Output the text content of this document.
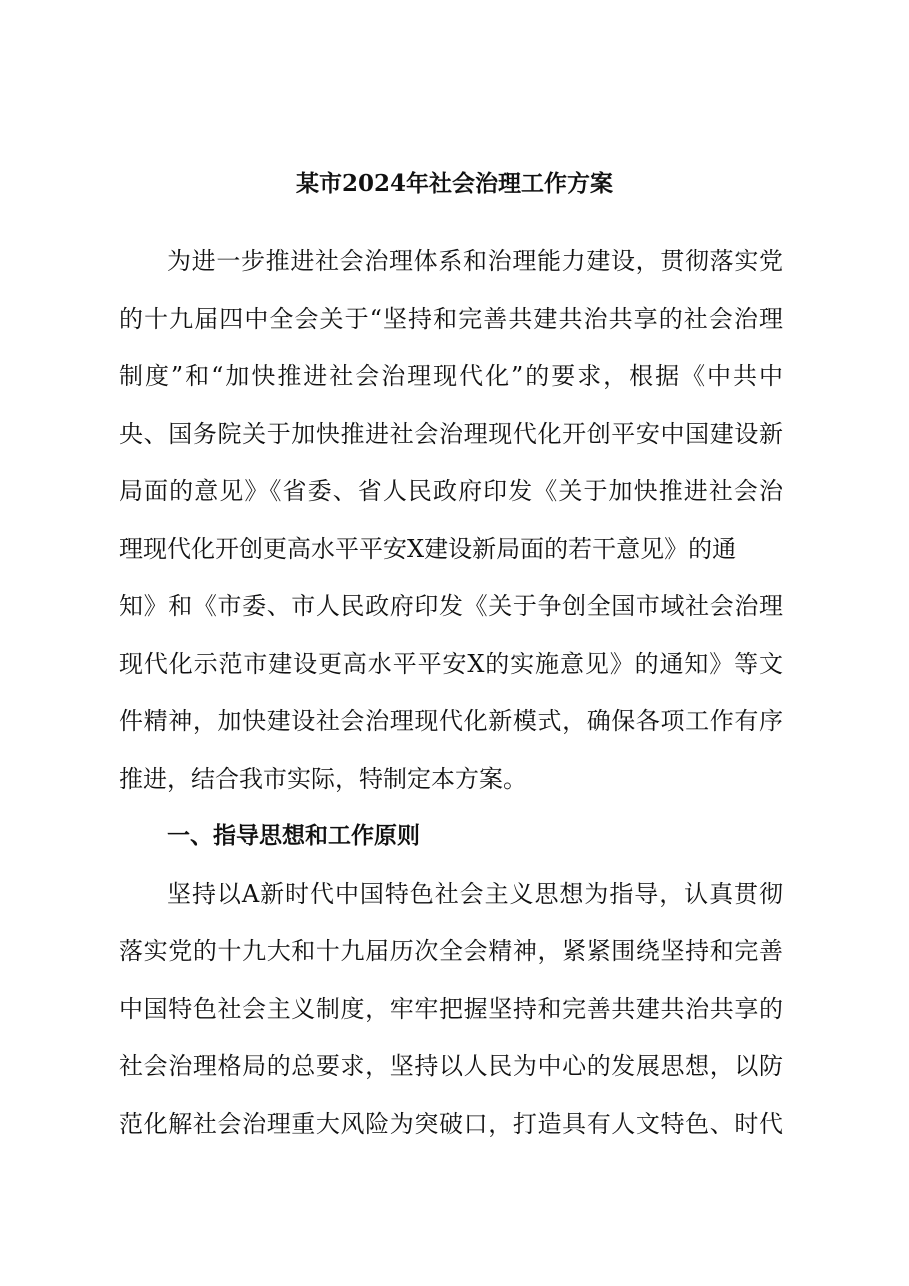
某市2024年社会治理工作方案
为进一步推进社会治理体系和治理能力建设，贯彻落实党
的十九届四中全会关于“坚持和完善共建共治共享的社会治理
制度”和“加快推进社会治理现代化”的要求，根据《中共中
央、国务院关于加快推进社会治理现代化开创平安中国建设新
局面的意见》《省委、省人民政府印发《关于加快推进社会治
理现代化开创更高水平平安X建设新局面的若干意见》的通
知》和《市委、市人民政府印发《关于争创全国市域社会治理
现代化示范市建设更高水平平安X的实施意见》的通知》等文
件精神，加快建设社会治理现代化新模式，确保各项工作有序
推进，结合我市实际，特制定本方案。
一、指导思想和工作原则
坚持以A新时代中国特色社会主义思想为指导，认真贯彻
落实党的十九大和十九届历次全会精神，紧紧围绕坚持和完善
中国特色社会主义制度，牢牢把握坚持和完善共建共治共享的
社会治理格局的总要求，坚持以人民为中心的发展思想，以防
范化解社会治理重大风险为突破口，打造具有人文特色、时代
